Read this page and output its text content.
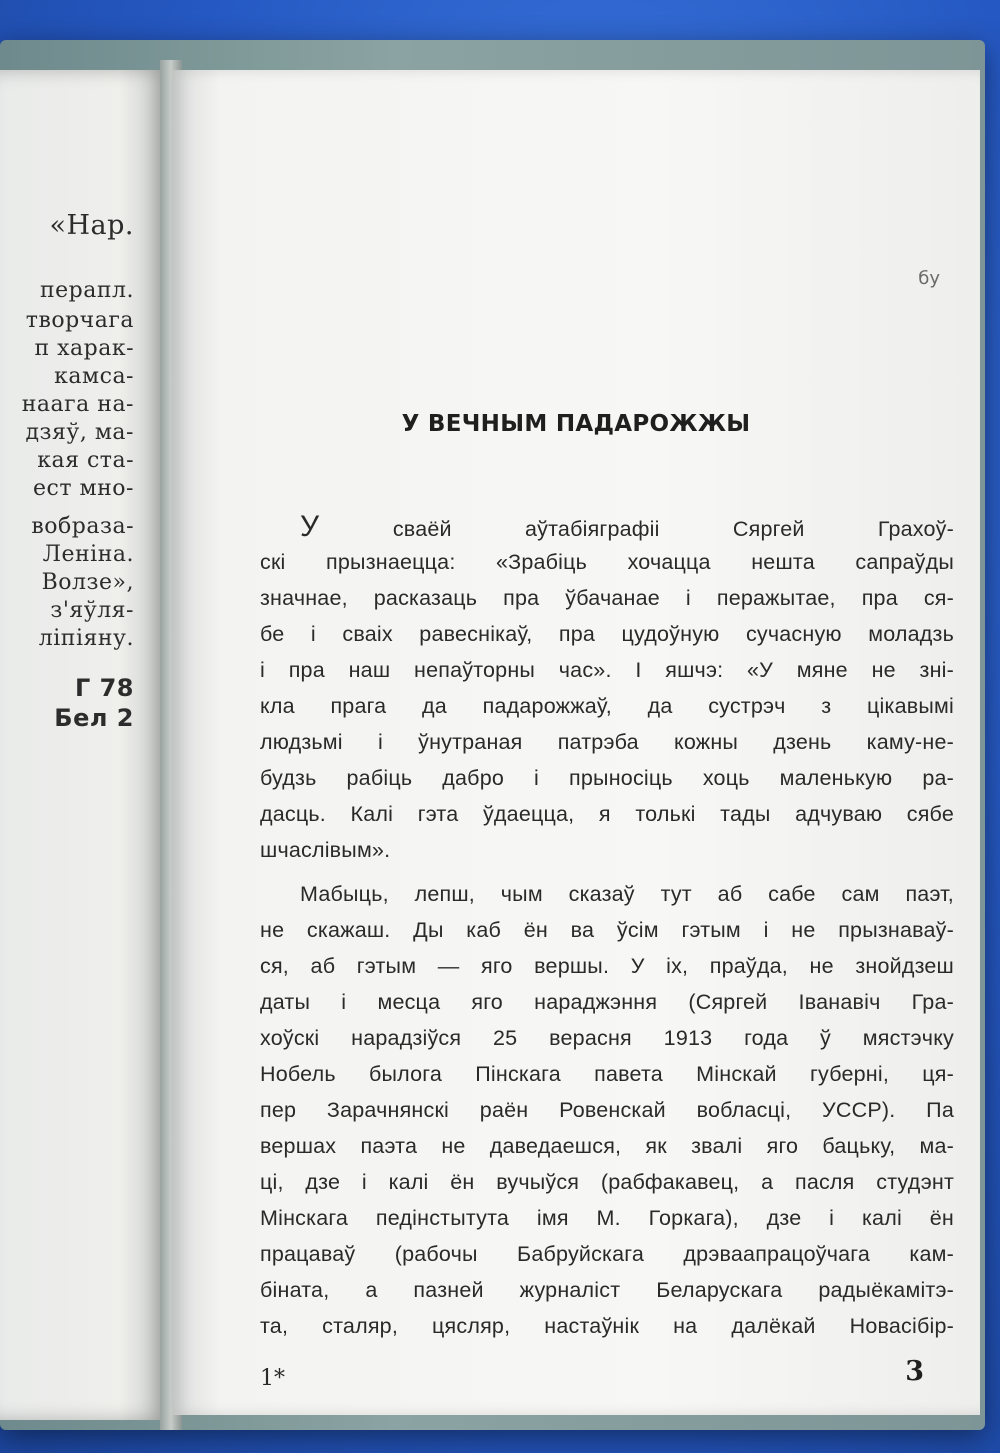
«Нар.
перапл.
творчага
п харак-
камса-
наага на-
дзяў, ма-
кая ста-
ест мно-
вобраза-
Леніна.
Волзе»,
з'яўля-
ліпіяну.
Г 78
Бел 2
бу
У ВЕЧНЫМ ПАДАРОЖЖЫ
У	сваёй аўтабіяграфіі Сяргей Грахоў-
скі прызнаецца: «Зрабіць хочацца нешта сапраўды
значнае, расказаць пра ўбачанае і перажытае, пра ся-
бе і сваіх равеснікаў, пра цудоўную сучасную моладзь
і пра наш непаўторны час». І яшчэ: «У мяне не зні-
кла прага да падарожжаў, да сустрэч з цікавымі
людзьмі і ўнутраная патрэба кожны дзень каму-не-
будзь рабіць дабро і прыносіць хоць маленькую ра-
дасць. Калі гэта ўдаецца, я толькі тады адчуваю сябе
шчаслівым».
Мабыць, лепш, чым сказаў тут аб сабе сам паэт,
не скажаш. Ды каб ён ва ўсім гэтым і не прызнаваў-
ся, аб гэтым — яго вершы. У іх, праўда, не знойдзеш
даты і месца яго нараджэння (Сяргей Іванавіч Гра-
хоўскі нарадзіўся 25 верасня 1913 года ў мястэчку
Нобель былога Пінскага павета Мінскай губерні, ця-
пер Зарачнянскі раён Ровенскай вобласці, УССР). Па
вершах паэта не даведаешся, як звалі яго бацьку, ма-
ці, дзе і калі ён вучыўся (рабфакавец, а пасля студэнт
Мінскага педінстытута імя М. Горкага), дзе і калі ён
працаваў (рабочы Бабруйскага дрэваапрацоўчага кам-
біната, а пазней журналіст Беларускага радыёкамітэ-
та, сталяр, цясляр, настаўнік на далёкай Новасібір-
1*	3
